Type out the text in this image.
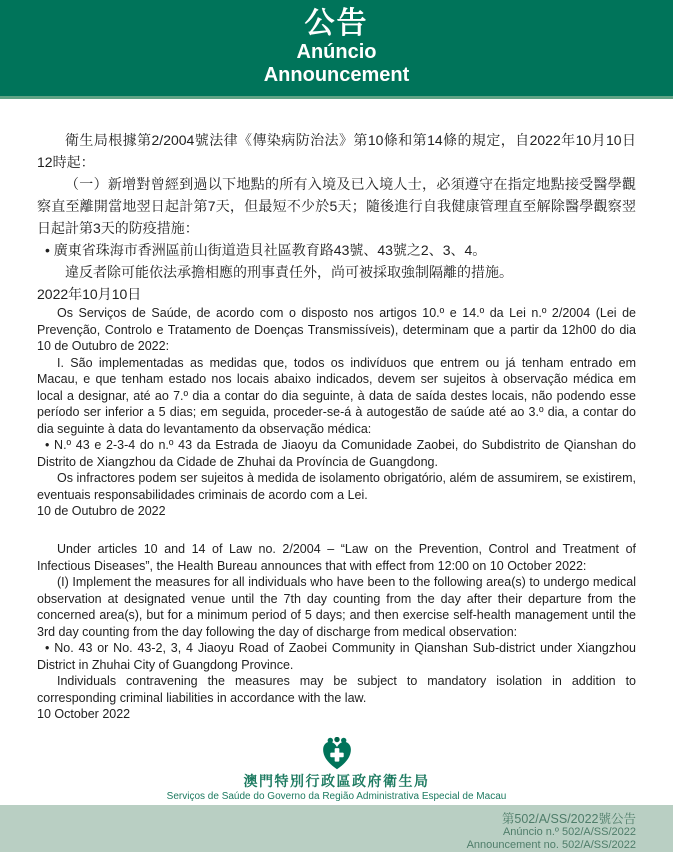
公告
Anúncio
Announcement

衛生局根據第2/2004號法律《傳染病防治法》第10條和第14條的規定，自2022年10月10日12時起：

（一）新增對曾經到過以下地點的所有入境及已入境人士，必須遵守在指定地點接受醫學觀察直至離開當地翌日起計第7天，但最短不少於5天；隨後進行自我健康管理直至解除醫學觀察翌日起計第3天的防疫措施：

• 廣東省珠海市香洲區前山街道造貝社區教育路43號、43號之2、3、4。

違反者除可能依法承擔相應的刑事責任外，尚可被採取強制隔離的措施。

2022年10月10日

Os Serviços de Saúde, de acordo com o disposto nos artigos 10.º e 14.º da Lei n.º 2/2004 (Lei de Prevenção, Controlo e Tratamento de Doenças Transmissíveis), determinam que a partir da 12h00 do dia 10 de Outubro de 2022:

I. São implementadas as medidas que, todos os indivíduos que entrem ou já tenham entrado em Macau, e que tenham estado nos locais abaixo indicados, devem ser sujeitos à observação médica em local a designar, até ao 7.º dia a contar do dia seguinte, à data de saída destes locais, não podendo esse período ser inferior a 5 dias; em seguida, proceder-se-á à autogestão de saúde até ao 3.º dia, a contar do dia seguinte à data do levantamento da observação médica:

• N.º 43 e 2-3-4 do n.º 43 da Estrada de Jiaoyu da Comunidade Zaobei, do Subdistrito de Qianshan do Distrito de Xiangzhou da Cidade de Zhuhai da Província de Guangdong.

Os infractores podem ser sujeitos à medida de isolamento obrigatório, além de assumirem, se existirem, eventuais responsabilidades criminais de acordo com a Lei.

10 de Outubro de 2022

Under articles 10 and 14 of Law no. 2/2004 – “Law on the Prevention, Control and Treatment of Infectious Diseases”, the Health Bureau announces that with effect from 12:00 on 10 October 2022:

(I) Implement the measures for all individuals who have been to the following area(s) to undergo medical observation at designated venue until the 7th day counting from the day after their departure from the concerned area(s), but for a minimum period of 5 days; and then exercise self-health management until the 3rd day counting from the day following the day of discharge from medical observation:

• No. 43 or No. 43-2, 3, 4 Jiaoyu Road of Zaobei Community in Qianshan Sub-district under Xiangzhou District in Zhuhai City of Guangdong Province.

Individuals contravening the measures may be subject to mandatory isolation in addition to corresponding criminal liabilities in accordance with the law.

10 October 2022

澳門特別行政區政府衛生局
Serviços de Saúde do Governo da Região Administrativa Especial de Macau
第502/A/SS/2022號公告
Anúncio n.º 502/A/SS/2022
Announcement no. 502/A/SS/2022
